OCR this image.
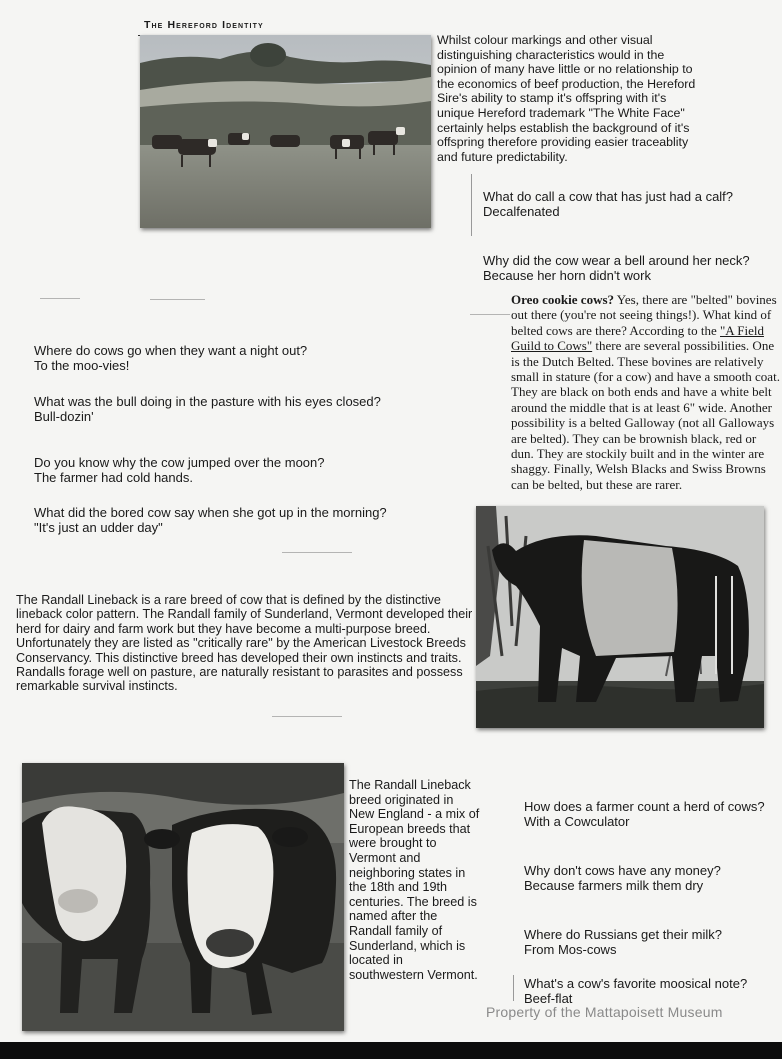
The Hereford Identity
Whilst colour markings and other visual distinguishing characteristics would in the opinion of many have little or no relationship to the economics of beef production, the Hereford Sire's ability to stamp it's offspring with it's unique Hereford trademark "The White Face" certainly helps establish the background of it's offspring therefore providing easier traceablity and future predictability.
What do call a cow that has just had a calf?
Decalfenated
Why did the cow wear a bell around her neck?
Because her horn didn't work
Oreo cookie cows? Yes, there are "belted" bovines out there (you're not seeing things!). What kind of belted cows are there? According to the "A Field Guild to Cows" there are several possibilities. One is the Dutch Belted. These bovines are relatively small in stature (for a cow) and have a smooth coat. They are black on both ends and have a white belt around the middle that is at least 6" wide. Another possibility is a belted Galloway (not all Galloways are belted). They can be brownish black, red or dun. They are stockily built and in the winter are shaggy. Finally, Welsh Blacks and Swiss Browns can be belted, but these are rarer.
Where do cows go when they want a night out?
To the moo-vies!
What was the bull doing in the pasture with his eyes closed?
Bull-dozin'
Do you know why the cow jumped over the moon?
The farmer had cold hands.
What did the bored cow say when she got up in the morning?
"It's just an udder day"
The Randall Lineback is a rare breed of cow that is defined by the distinctive lineback color pattern. The Randall family of Sunderland, Vermont developed their herd for dairy and farm work but they have become a multi-purpose breed. Unfortunately they are listed as "critically rare" by the American Livestock Breeds Conservancy. This distinctive breed has developed their own instincts and traits. Randalls forage well on pasture, are naturally resistant to parasites and possess remarkable survival instincts.
The Randall Lineback breed originated in New England - a mix of European breeds that were brought to Vermont and neighboring states in the 18th and 19th centuries. The breed is named after the Randall family of Sunderland, which is located in southwestern Vermont.
How does a farmer count a herd of cows?
With a Cowculator
Why don't cows have any money?
Because farmers milk them dry
Where do Russians get their milk?
From Mos-cows
What's a cow's favorite moosical note?
Beef-flat
Property of the Mattapoisett Museum
